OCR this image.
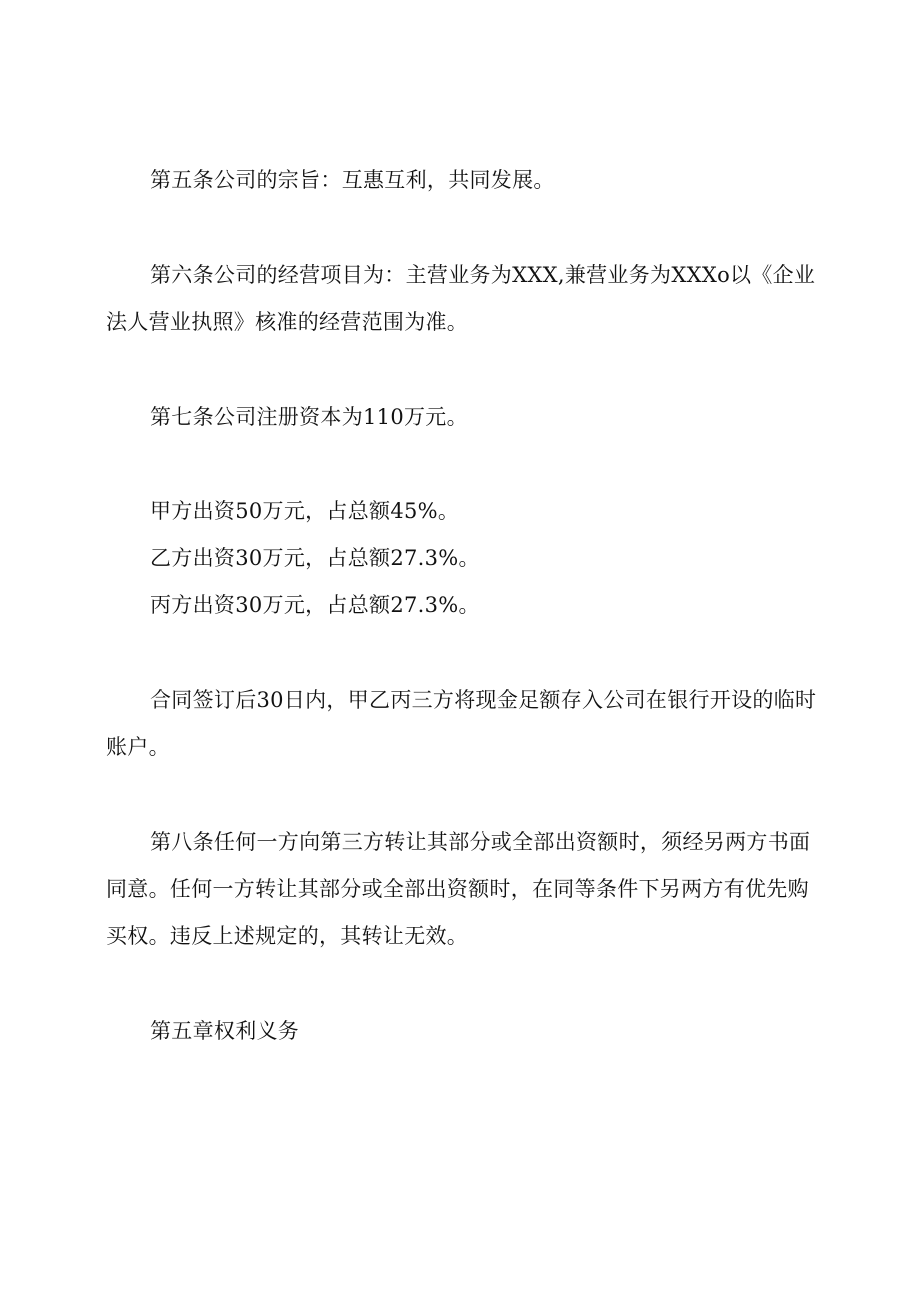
第五条公司的宗旨：互惠互利，共同发展。

第六条公司的经营项目为：主营业务为XXX,兼营业务为XXXo以《企业法人营业执照》核准的经营范围为准。

第七条公司注册资本为110万元。

甲方出资50万元，占总额45%。

乙方出资30万元，占总额27.3%。

丙方出资30万元，占总额27.3%。

合同签订后30日内，甲乙丙三方将现金足额存入公司在银行开设的临时账户。

第八条任何一方向第三方转让其部分或全部出资额时，须经另两方书面同意。任何一方转让其部分或全部出资额时，在同等条件下另两方有优先购买权。违反上述规定的，其转让无效。

第五章权利义务
